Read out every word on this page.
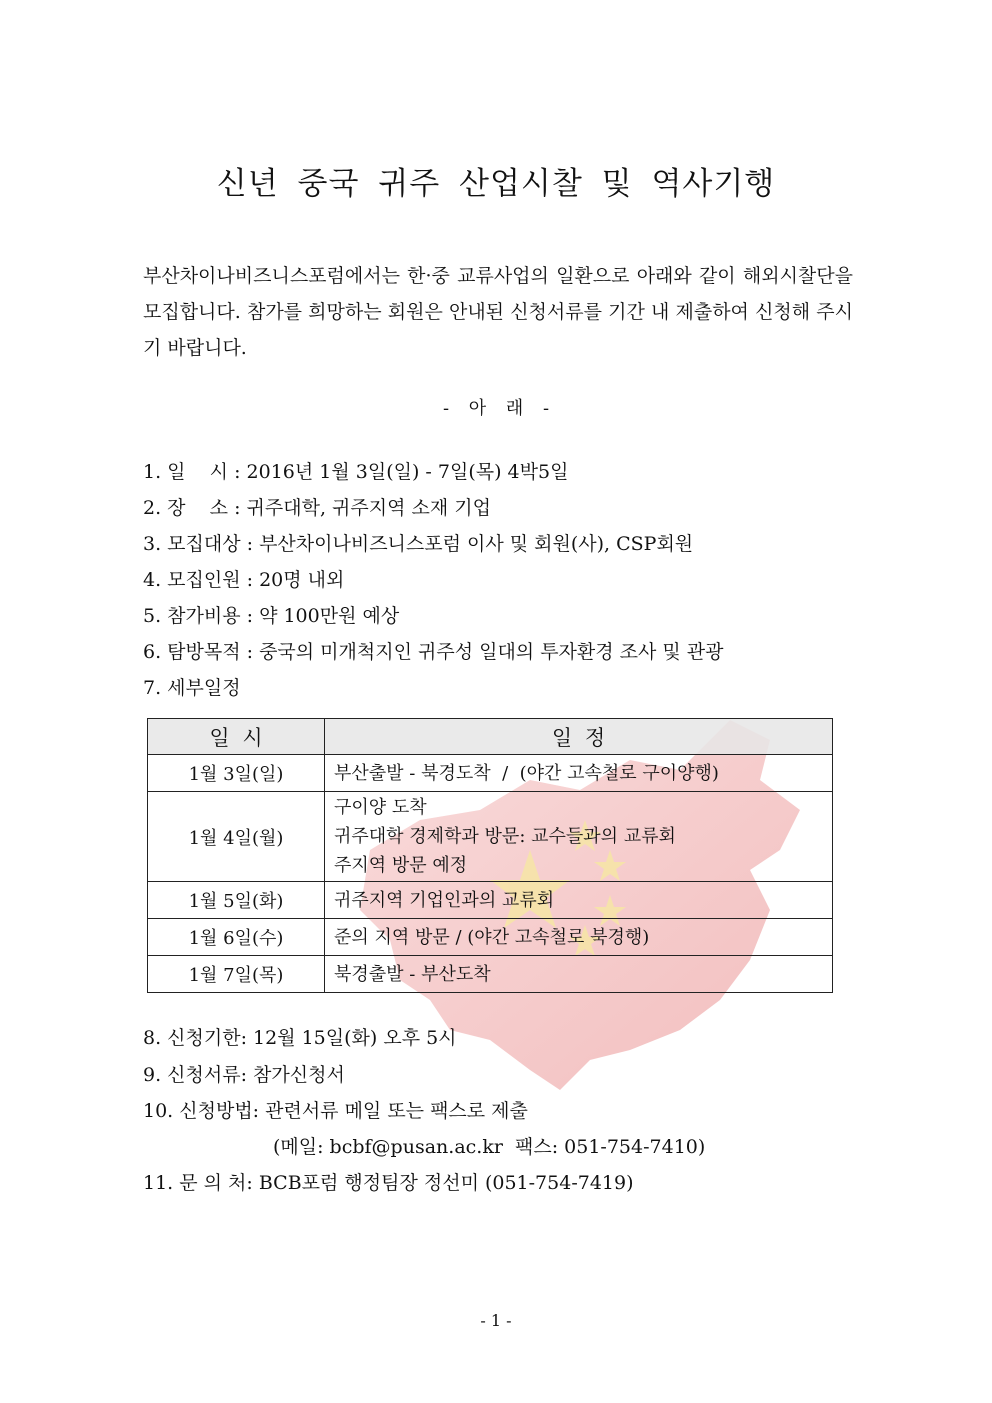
신년 중국 귀주 산업시찰 및 역사기행

부산차이나비즈니스포럼에서는 한·중 교류사업의 일환으로 아래와 같이 해외시찰단을 모집합니다. 참가를 희망하는 회원은 안내된 신청서류를 기간 내 제출하여 신청해 주시기 바랍니다.

- 아 래 -
1. 일    시 : 2016년 1월 3일(일) - 7일(목) 4박5일
2. 장    소 : 귀주대학, 귀주지역 소재 기업
3. 모집대상 : 부산차이나비즈니스포럼 이사 및 회원(사), CSP회원
4. 모집인원 : 20명 내외
5. 참가비용 : 약 100만원 예상
6. 탐방목적 : 중국의 미개척지인 귀주성 일대의 투자환경 조사 및 관광
7. 세부일정
일 시	일 정
1월 3일(일)	부산출발 - 북경도착  /  (야간 고속철로 구이양행)

1월 4일(월)	구이양 도착
귀주대학 경제학과 방문: 교수들과의 교류회
주지역 방문 예정

1월 5일(화)	귀주지역 기업인과의 교류회

1월 6일(수)	준의 지역 방문 / (야간 고속철로 북경행)

1월 7일(목)	북경출발 - 부산도착
8. 신청기한: 12월 15일(화) 오후 5시
9. 신청서류: 참가신청서
10. 신청방법: 관련서류 메일 또는 팩스로 제출
(메일: bcbf@pusan.ac.kr  팩스: 051-754-7410)
11. 문 의 처: BCB포럼 행정팀장 정선미 (051-754-7419)
- 1 -
